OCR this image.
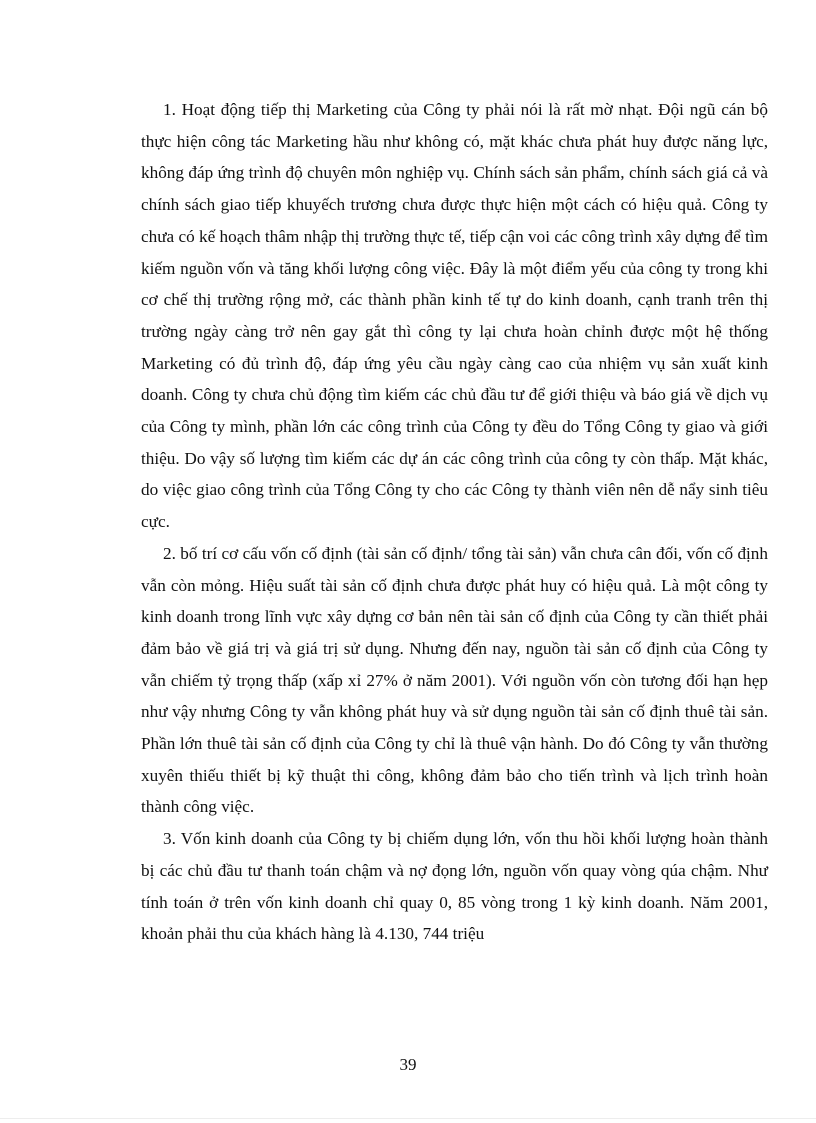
1. Hoạt động tiếp thị Marketing của Công ty phải nói là rất mờ nhạt. Đội ngũ cán bộ thực hiện công tác Marketing hầu như không có, mặt khác chưa phát huy được năng lực, không đáp ứng trình độ chuyên môn nghiệp vụ. Chính sách sản phẩm, chính sách giá cả và chính sách giao tiếp khuyếch trương chưa được thực hiện một cách có hiệu quả. Công ty chưa có kế hoạch thâm nhập thị trường thực tế, tiếp cận voi các công trình xây dựng để tìm kiếm nguồn vốn và tăng khối lượng công việc. Đây là một điểm yếu của công ty trong khi cơ chế thị trường rộng mở, các thành phần kinh tế tự do kinh doanh, cạnh tranh trên thị trường ngày càng trở nên gay gắt thì công ty lại chưa hoàn chỉnh được một hệ thống Marketing có đủ trình độ, đáp ứng yêu cầu ngày càng cao của nhiệm vụ sản xuất kinh doanh. Công ty chưa chủ động tìm kiếm các chủ đầu tư để giới thiệu và báo giá về dịch vụ của Công ty mình, phần lớn các công trình của Công ty đều do Tổng Công ty giao và giới thiệu. Do vậy số lượng tìm kiếm các dự án các công trình của công ty còn thấp. Mặt khác, do việc giao công trình của Tổng Công ty cho các Công ty thành viên nên dễ nẩy sinh tiêu cực.

2. bố trí cơ cấu vốn cố định (tài sản cố định/ tổng tài sản) vẫn chưa cân đối, vốn cố định vẫn còn mỏng. Hiệu suất tài sản cố định chưa được phát huy có hiệu quả. Là một công ty kinh doanh trong lĩnh vực xây dựng cơ bản nên tài sản cố định của Công ty cần thiết phải đảm bảo về giá trị và giá trị sử dụng. Nhưng đến nay, nguồn tài sản cố định của Công ty vẫn chiếm tỷ trọng thấp (xấp xỉ 27% ở năm 2001). Với nguồn vốn còn tương đối hạn hẹp như vậy nhưng Công ty vẫn không phát huy và sử dụng nguồn tài sản cố định thuê tài sản. Phần lớn thuê tài sản cố định của Công ty chỉ là thuê vận hành. Do đó Công ty vẫn thường xuyên thiếu thiết bị kỹ thuật thi công, không đảm bảo cho tiến trình và lịch trình hoàn thành công việc.

3. Vốn kinh doanh của Công ty bị chiếm dụng lớn, vốn thu hồi khối lượng hoàn thành bị các chủ đầu tư thanh toán chậm và nợ đọng lớn, nguồn vốn quay vòng qúa chậm. Như tính toán ở trên vốn kinh doanh chỉ quay 0, 85 vòng trong 1 kỳ kinh doanh. Năm 2001, khoản phải thu của khách hàng là 4.130, 744 triệu

39
